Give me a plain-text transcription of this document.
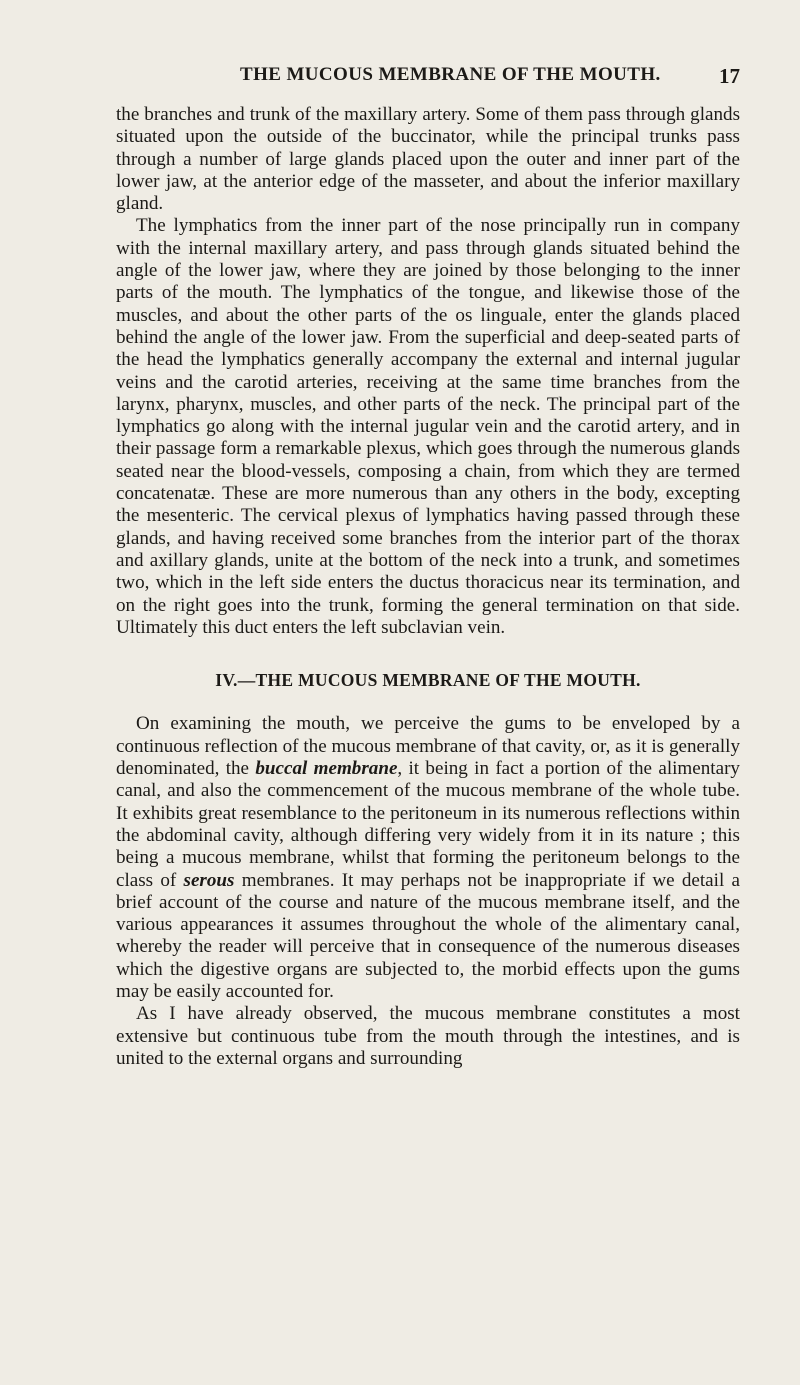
THE MUCOUS MEMBRANE OF THE MOUTH.	17

the branches and trunk of the maxillary artery. Some of them pass through glands situated upon the outside of the buccinator, while the principal trunks pass through a number of large glands placed upon the outer and inner part of the lower jaw, at the anterior edge of the masseter, and about the inferior maxillary gland.

The lymphatics from the inner part of the nose principally run in company with the internal maxillary artery, and pass through glands situated behind the angle of the lower jaw, where they are joined by those belonging to the inner parts of the mouth. The lymphatics of the tongue, and likewise those of the muscles, and about the other parts of the os linguale, enter the glands placed behind the angle of the lower jaw. From the superficial and deep-seated parts of the head the lymphatics generally accompany the external and internal jugular veins and the carotid arteries, receiving at the same time branches from the larynx, pharynx, muscles, and other parts of the neck. The principal part of the lymphatics go along with the internal jugular vein and the carotid artery, and in their passage form a remarkable plexus, which goes through the numerous glands seated near the blood-vessels, composing a chain, from which they are termed concatenatæ. These are more numerous than any others in the body, excepting the mesenteric. The cervical plexus of lymphatics having passed through these glands, and having received some branches from the interior part of the thorax and axillary glands, unite at the bottom of the neck into a trunk, and sometimes two, which in the left side enters the ductus thoracicus near its termination, and on the right goes into the trunk, forming the general termination on that side. Ultimately this duct enters the left subclavian vein.

IV.—THE MUCOUS MEMBRANE OF THE MOUTH.

On examining the mouth, we perceive the gums to be enveloped by a continuous reflection of the mucous membrane of that cavity, or, as it is generally denominated, the buccal membrane, it being in fact a portion of the alimentary canal, and also the commencement of the mucous membrane of the whole tube. It exhibits great resemblance to the peritoneum in its numerous reflections within the abdominal cavity, although differing very widely from it in its nature ; this being a mucous membrane, whilst that forming the peritoneum belongs to the class of serous membranes. It may perhaps not be inappropriate if we detail a brief account of the course and nature of the mucous membrane itself, and the various appearances it assumes throughout the whole of the alimentary canal, whereby the reader will perceive that in consequence of the numerous diseases which the digestive organs are subjected to, the morbid effects upon the gums may be easily accounted for.

As I have already observed, the mucous membrane constitutes a most extensive but continuous tube from the mouth through the intestines, and is united to the external organs and surrounding
